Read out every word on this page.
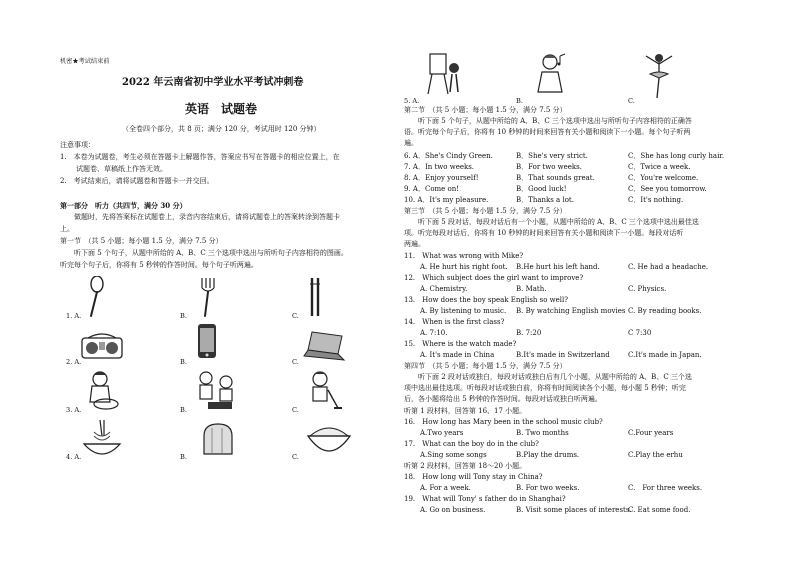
机密★考试结束前
2022 年云南省初中学业水平考试冲刺卷
英语　试题卷
（全卷四个部分，共 8 页；满分 120 分，考试用时 120 分钟）
注意事项：
1.　本卷为试题卷，考生必须在答题卡上解题作答，答案应书写在答题卡的相应位置上，在
试题卷、草稿纸上作答无效。
2.　考试结束后，请将试题卷和答题卡一并交回。
第一部分　听力（共四节，满分 30 分）
做题时，先将答案标在试题卷上，录音内容结束后，请将试题卷上的答案转涂到答题卡
上。
第一节　（共 5 小题；每小题 1.5 分，满分 7.5 分）
听下面 5 个句子，从题中所给的 A、B、C 三个选项中选出与所听句子内容相符的图画。
听完每个句子后，你将有 5 秒钟的作答时间。每个句子听两遍。
1. A.	B.	C.
2. A.	B.	C.
3. A.	B.	C.
4. A.	B.	C.
5. A.	B.	C.
第二节　（共 5 小题；每小题 1.5 分，满分 7.5 分）
听下面 5 个句子，从题中所给的 A、B、C 三个选项中选出与所听句子内容相符的正确答
语。听完每个句子后，你将有 10 秒钟的时间来回答有关小题和阅读下一小题。每个句子听两
遍。
6. A．She's Cindy Green.	B．She's very strict.	C．She has long curly hair.
7. A．In two weeks.	B．For two weeks.	C．Twice a week.
8. A．Enjoy yourself!	B．That sounds great.	C．You're welcome.
9. A．Come on!	B．Good luck!	C．See you tomorrow.
10. A．It's my pleasure.	B．Thanks a lot.	C．It's nothing.
第三节　（共 5 小题；每小题 1.5 分，满分 7.5 分）
听下面 5 段对话，每段对话后有一个小题，从题中所给的 A、B、C 三个选项中选出最佳选
项。听完每段对话后，你将有 10 秒钟的时间来回答有关小题和阅读下一小题。每段对话听
两遍。
11.　What was wrong with Mike?
A. He hurt his right foot. B.He hurt his left hand.	C. He had a headache.
12.　Which subject does the girl want to improve?
A. Chemistry.	B. Math.	C. Physics.
13.　How does the boy speak English so well?
A. By listening to music. B. By watching English movies C. By reading books.
14.　When is the first class?
A. 7:10.	B. 7:20	C 7:30
15.　Where is the watch made?
A. It's made in China	B.It's made in Switzerland	C.It's made in Japan.
第四节　（共 5 小题；每小题 1.5 分，满分 7.5 分）
听下面 2 段对话或独白，每段对话或独白后有几个小题，从题中所给的 A、B、C 三个选
项中选出最佳选项。听每段对话或独白前，你将有时间阅读各个小题，每小题 5 秒钟；听完
后，各小题将给出 5 秒钟的作答时间。每段对话或独白听两遍。
听第 1 段材料，回答第 16、17 小题。
16.　How long has Mary been in the school music club?
A.Two years	B. Two months	C.Four years
17.　What can the boy do in the club?
A.Sing some songs	B.Play the drums.	C.Play the erhu
听第 2 段材料，回答第 18～20 小题。
18.　How long will Tony stay in China?
A. For a week.	B. For two weeks.	C.　For three weeks.
19.　What will Tony' s father do in Shanghai?
A. Go on business.	B. Visit some places of interests.
C. Eat some food.
